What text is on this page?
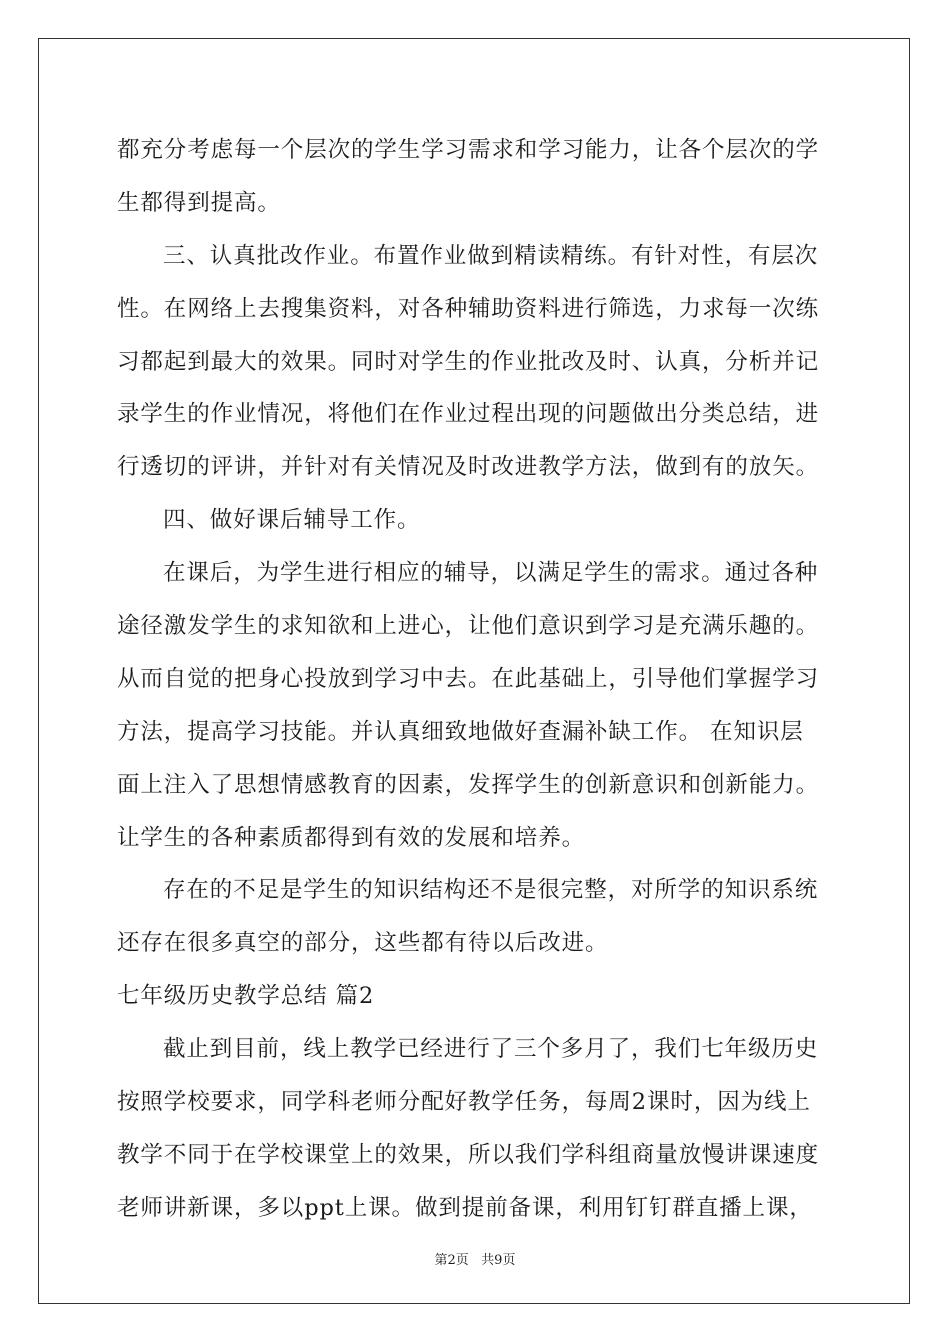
都充分考虑每一个层次的学生学习需求和学习能力，让各个层次的学
生都得到提高。
三、认真批改作业。布置作业做到精读精练。有针对性，有层次
性。在网络上去搜集资料，对各种辅助资料进行筛选，力求每一次练
习都起到最大的效果。同时对学生的作业批改及时、认真，分析并记
录学生的作业情况，将他们在作业过程出现的问题做出分类总结，进
行透切的评讲，并针对有关情况及时改进教学方法，做到有的放矢。
四、做好课后辅导工作。
在课后，为学生进行相应的辅导，以满足学生的需求。通过各种
途径激发学生的求知欲和上进心，让他们意识到学习是充满乐趣的。
从而自觉的把身心投放到学习中去。在此基础上，引导他们掌握学习
方法，提高学习技能。并认真细致地做好查漏补缺工作。 在知识层
面上注入了思想情感教育的因素，发挥学生的创新意识和创新能力。
让学生的各种素质都得到有效的发展和培养。
存在的不足是学生的知识结构还不是很完整，对所学的知识系统
还存在很多真空的部分，这些都有待以后改进。
七年级历史教学总结 篇2
截止到目前，线上教学已经进行了三个多月了，我们七年级历史
按照学校要求，同学科老师分配好教学任务，每周2课时，因为线上
教学不同于在学校课堂上的效果，所以我们学科组商量放慢讲课速度
老师讲新课，多以ppt上课。做到提前备课，利用钉钉群直播上课，
第2页   共9页
